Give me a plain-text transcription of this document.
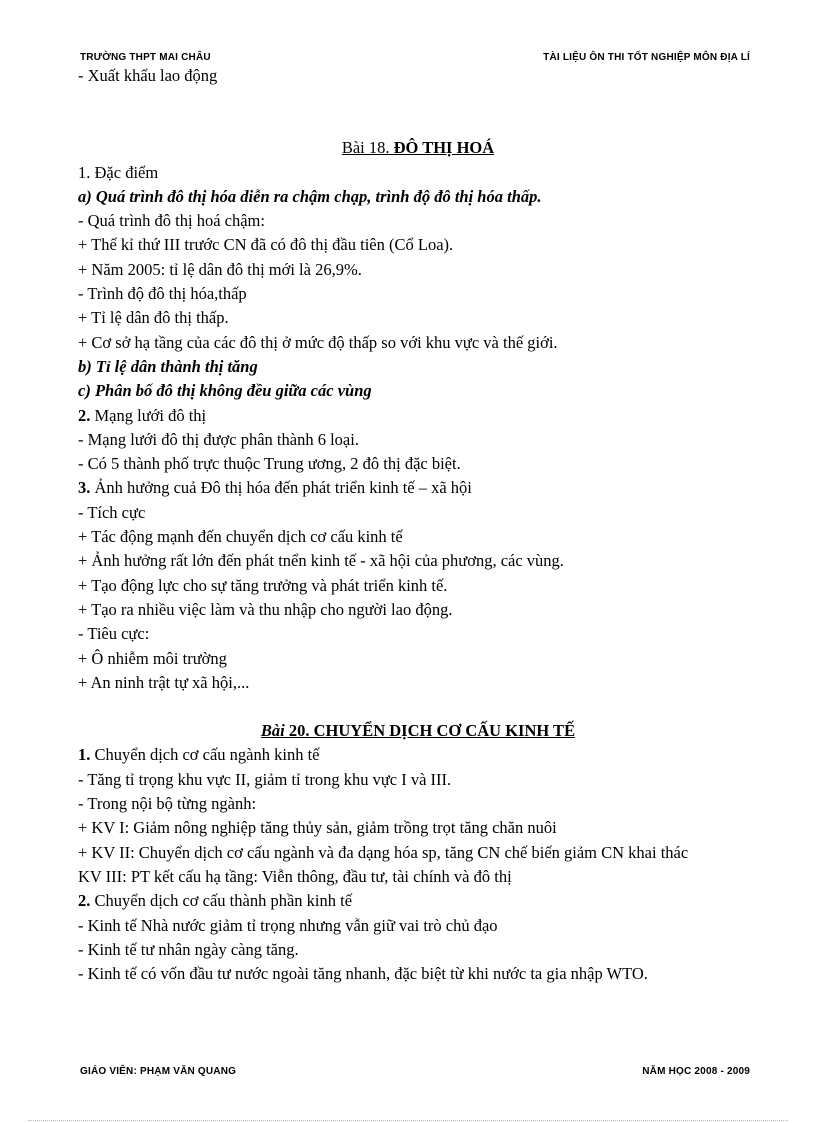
TRƯỜNG THPT MAI CHÂU	TÀI LIỆU ÔN THI TỐT NGHIỆP MÔN ĐỊA LÍ
- Xuất khẩu lao động
Bài 18. ĐÔ THỊ HOÁ
1. Đặc điểm
a) Quá trình đô thị hóa diễn ra chậm chạp, trình độ đô thị hóa thấp.
- Quá trình đô thị hoá chậm:
+ Thế kỉ thứ III trước CN đã có đô thị đầu tiên (Cổ Loa).
+ Năm 2005: tỉ lệ dân đô thị mới là 26,9%.
- Trình độ đô thị hóa,thấp
+ Tỉ lệ dân đô thị thấp.
+ Cơ sở hạ tầng của các đô thị ở mức độ thấp so với khu vực và thế giới.
b) Tỉ lệ dân thành thị tăng
c) Phân bố đô thị không đều giữa các vùng
2. Mạng lưới đô thị
- Mạng lưới đô thị được phân thành 6 loại.
- Có 5 thành phố trực thuộc Trung ương, 2 đô thị đặc biệt.
3. Ảnh hưởng cuả Đô thị hóa đến phát triển kinh tế – xã hội
- Tích cực
+ Tác động mạnh đến chuyển dịch cơ cấu kinh tế
+ Ảnh hưởng rất lớn đến phát tnển kinh tế - xã hội của phương, các vùng.
+ Tạo động lực cho sự tăng trưởng và phát triển kinh tế.
+ Tạo ra nhiều việc làm và thu nhập cho người lao động.
- Tiêu cực:
+ Ô nhiễm môi trường
+ An ninh trật tự xã hội,...
Bài 20. CHUYỂN DỊCH CƠ CẤU KINH TẾ
1. Chuyển dịch cơ cấu ngành kinh tế
- Tăng tỉ trọng khu vực II, giảm tỉ trong khu vực I và III.
- Trong nội bộ từng ngành:
+ KV I: Giảm nông nghiệp tăng thủy sản, giảm trồng trọt tăng chăn nuôi
+ KV II: Chuyển dịch cơ cấu ngành và đa dạng hóa sp, tăng CN chế biến giảm CN khai thác
KV III: PT kết cấu hạ tầng: Viễn thông, đầu tư, tài chính và đô thị
2. Chuyển dịch cơ cấu thành phần kinh tế
- Kinh tế Nhà nước giảm tỉ trọng nhưng vẫn giữ vai trò chủ đạo
- Kinh tế tư nhân ngày càng tăng.
- Kinh tế có vốn đầu tư nước ngoài tăng nhanh, đặc biệt từ khi nước ta gia nhập WTO.
GIÁO VIÊN: PHẠM VĂN QUANG	NĂM HỌC 2008 - 2009
